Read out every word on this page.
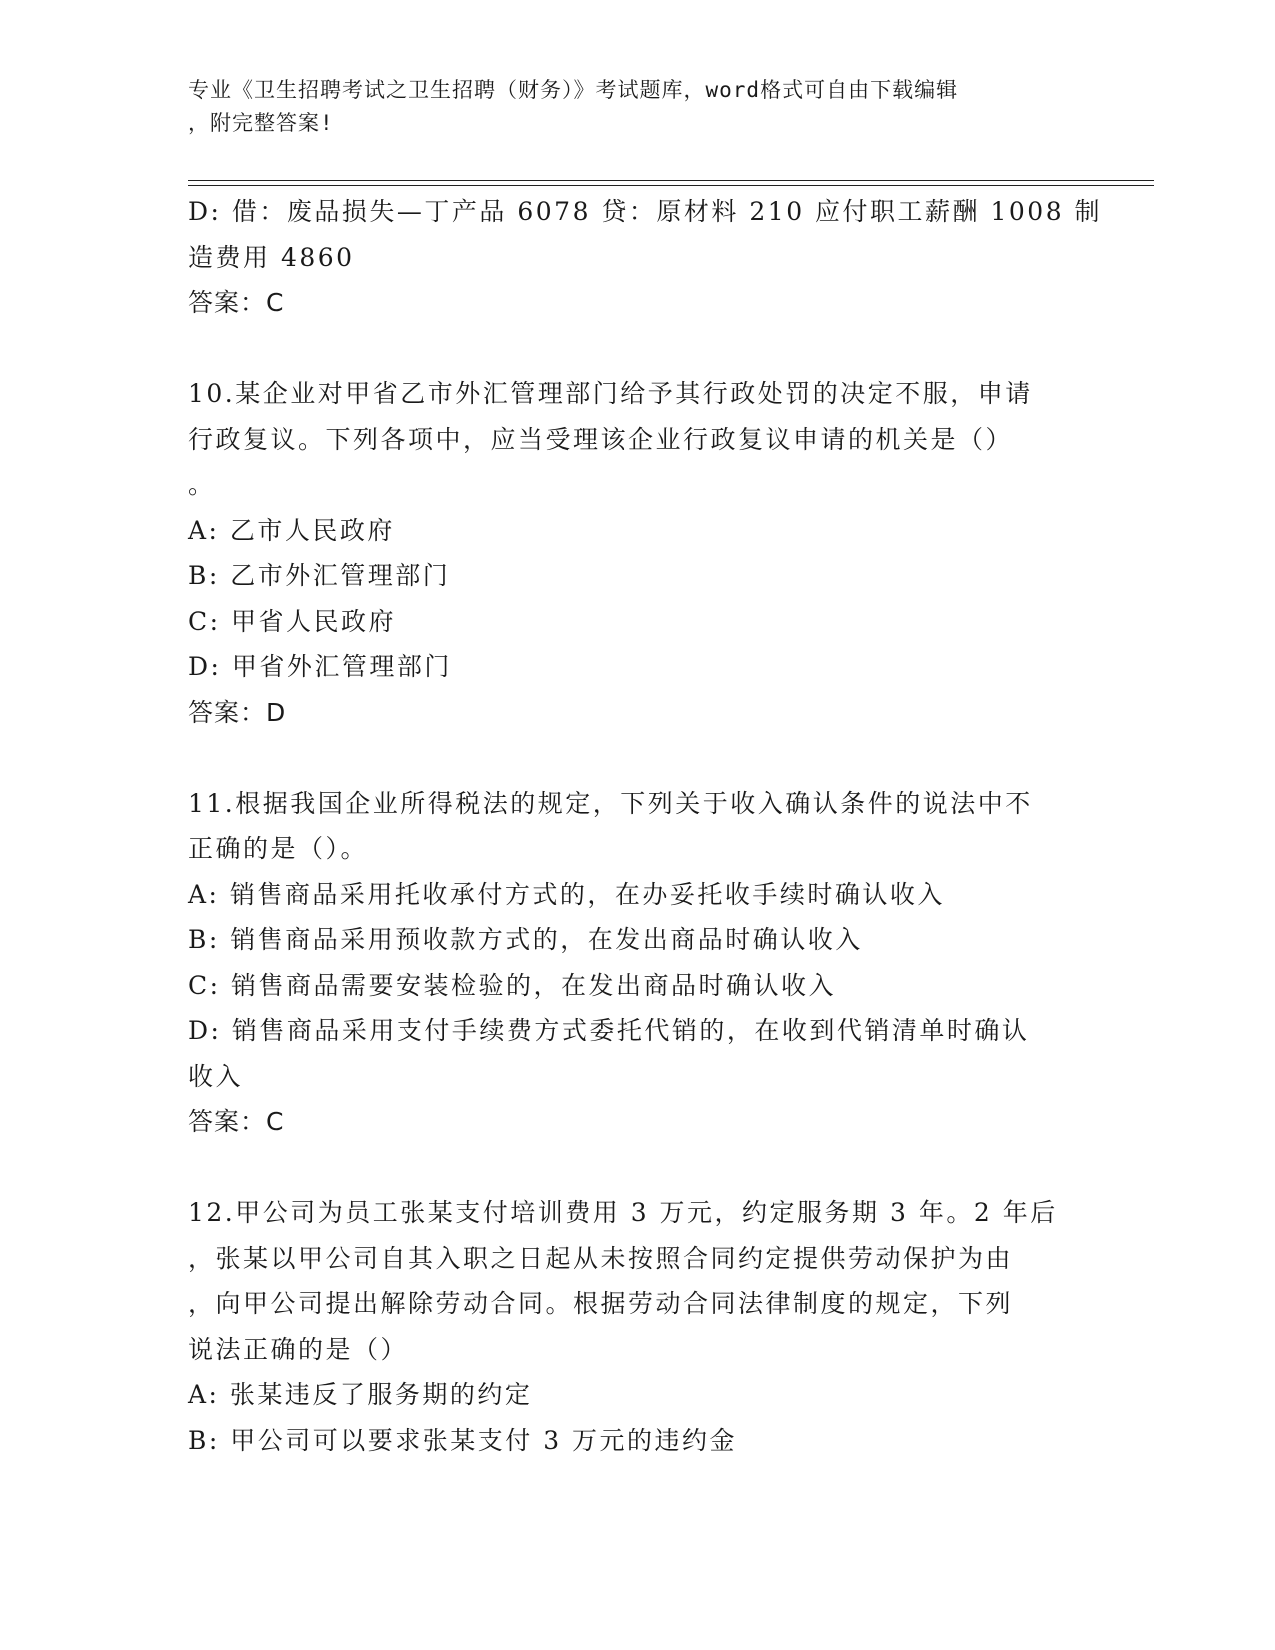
专业《卫生招聘考试之卫生招聘（财务）》考试题库，word格式可自由下载编辑
，附完整答案!
D: 借：废品损失—丁产品 6078 贷：原材料 210 应付职工薪酬 1008 制
造费用 4860
答案：C
10.某企业对甲省乙市外汇管理部门给予其行政处罚的决定不服，申请
行政复议。下列各项中，应当受理该企业行政复议申请的机关是（）
。
A: 乙市人民政府
B: 乙市外汇管理部门
C: 甲省人民政府
D: 甲省外汇管理部门
答案：D
11.根据我国企业所得税法的规定，下列关于收入确认条件的说法中不
正确的是（）。
A: 销售商品采用托收承付方式的，在办妥托收手续时确认收入
B: 销售商品采用预收款方式的，在发出商品时确认收入
C: 销售商品需要安装检验的，在发出商品时确认收入
D: 销售商品采用支付手续费方式委托代销的，在收到代销清单时确认
收入
答案：C
12.甲公司为员工张某支付培训费用 3 万元，约定服务期 3 年。2 年后
，张某以甲公司自其入职之日起从未按照合同约定提供劳动保护为由
，向甲公司提出解除劳动合同。根据劳动合同法律制度的规定，下列
说法正确的是（）
A: 张某违反了服务期的约定
B: 甲公司可以要求张某支付 3 万元的违约金
